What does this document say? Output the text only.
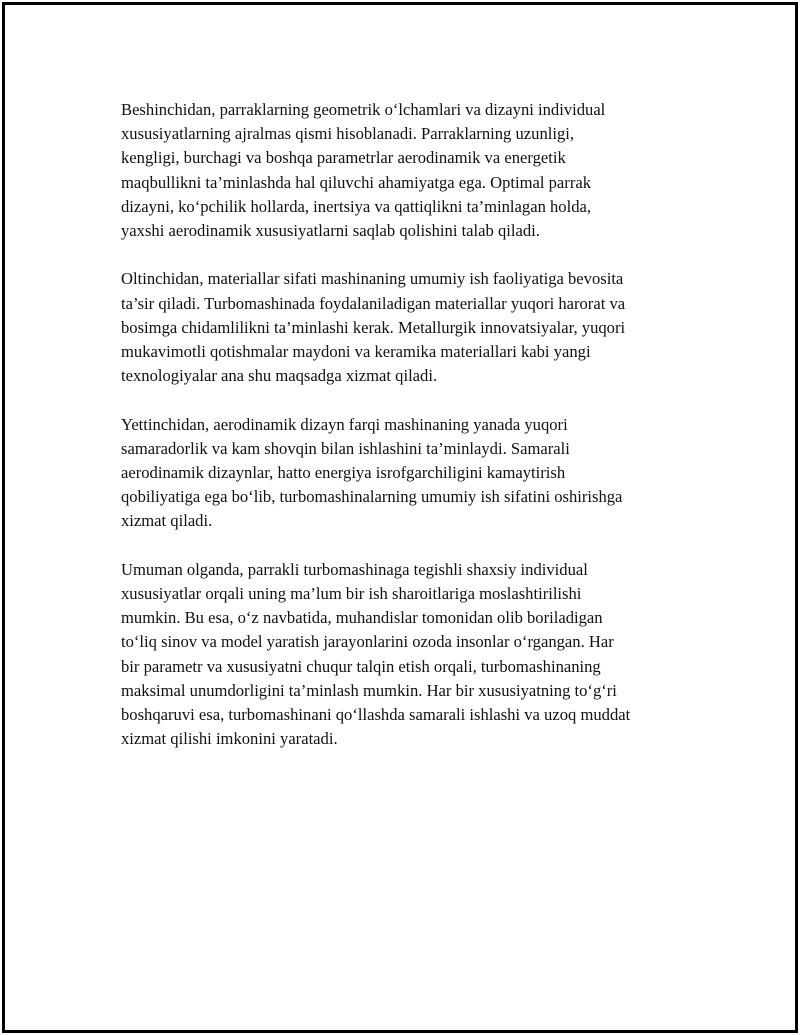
Beshinchidan, parraklarning geometrik oʻlchamlari va dizayni individual
xususiyatlarning ajralmas qismi hisoblanadi. Parraklarning uzunligi,
kengligi, burchagi va boshqa parametrlar aerodinamik va energetik
maqbullikni ta’minlashda hal qiluvchi ahamiyatga ega. Optimal parrak
dizayni, koʻpchilik hollarda, inertsiya va qattiqlikni ta’minlagan holda,
yaxshi aerodinamik xususiyatlarni saqlab qolishini talab qiladi.

Oltinchidan, materiallar sifati mashinaning umumiy ish faoliyatiga bevosita
ta’sir qiladi. Turbomashinada foydalaniladigan materiallar yuqori harorat va
bosimga chidamlilikni ta’minlashi kerak. Metallurgik innovatsiyalar, yuqori
mukavimotli qotishmalar maydoni va keramika materiallari kabi yangi
texnologiyalar ana shu maqsadga xizmat qiladi.

Yettinchidan, aerodinamik dizayn farqi mashinaning yanada yuqori
samaradorlik va kam shovqin bilan ishlashini ta’minlaydi. Samarali
aerodinamik dizaynlar, hatto energiya isrofgarchiligini kamaytirish
qobiliyatiga ega boʻlib, turbomashinalarning umumiy ish sifatini oshirishga
xizmat qiladi.

Umuman olganda, parrakli turbomashinaga tegishli shaxsiy individual
xususiyatlar orqali uning ma’lum bir ish sharoitlariga moslashtirilishi
mumkin. Bu esa, oʻz navbatida, muhandislar tomonidan olib boriladigan
toʻliq sinov va model yaratish jarayonlarini ozoda insonlar oʻrgangan. Har
bir parametr va xususiyatni chuqur talqin etish orqali, turbomashinaning
maksimal unumdorligini ta’minlash mumkin. Har bir xususiyatning toʻgʻri
boshqaruvi esa, turbomashinani qoʻllashda samarali ishlashi va uzoq muddat
xizmat qilishi imkonini yaratadi.
